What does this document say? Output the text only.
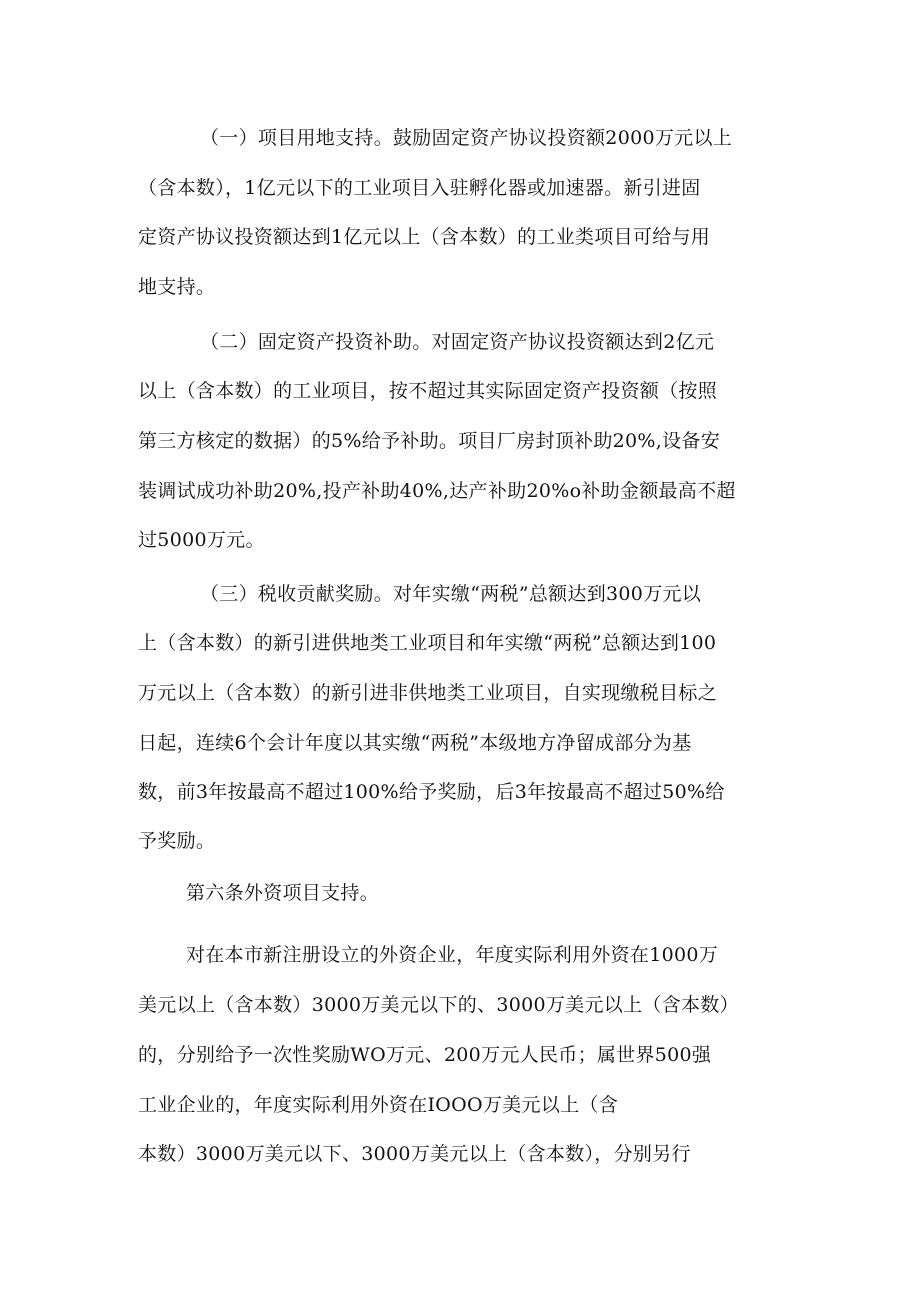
（一）项目用地支持。鼓励固定资产协议投资额2000万元以上
（含本数），1亿元以下的工业项目入驻孵化器或加速器。新引进固
定资产协议投资额达到1亿元以上（含本数）的工业类项目可给与用
地支持。
（二）固定资产投资补助。对固定资产协议投资额达到2亿元
以上（含本数）的工业项目，按不超过其实际固定资产投资额（按照
第三方核定的数据）的5%给予补助。项目厂房封顶补助20%,设备安
装调试成功补助20%,投产补助40%,达产补助20%o补助金额最高不超
过5000万元。
（三）税收贡献奖励。对年实缴“两税”总额达到300万元以
上（含本数）的新引进供地类工业项目和年实缴“两税”总额达到100
万元以上（含本数）的新引进非供地类工业项目，自实现缴税目标之
日起，连续6个会计年度以其实缴“两税”本级地方净留成部分为基
数，前3年按最高不超过100%给予奖励，后3年按最高不超过50%给
予奖励。
第六条外资项目支持。
对在本市新注册设立的外资企业，年度实际利用外资在1000万
美元以上（含本数）3000万美元以下的、3000万美元以上（含本数）
的，分别给予一次性奖励WO万元、200万元人民币；属世界500强
工业企业的，年度实际利用外资在IOOO万美元以上（含
本数）3000万美元以下、3000万美元以上（含本数），分别另行
